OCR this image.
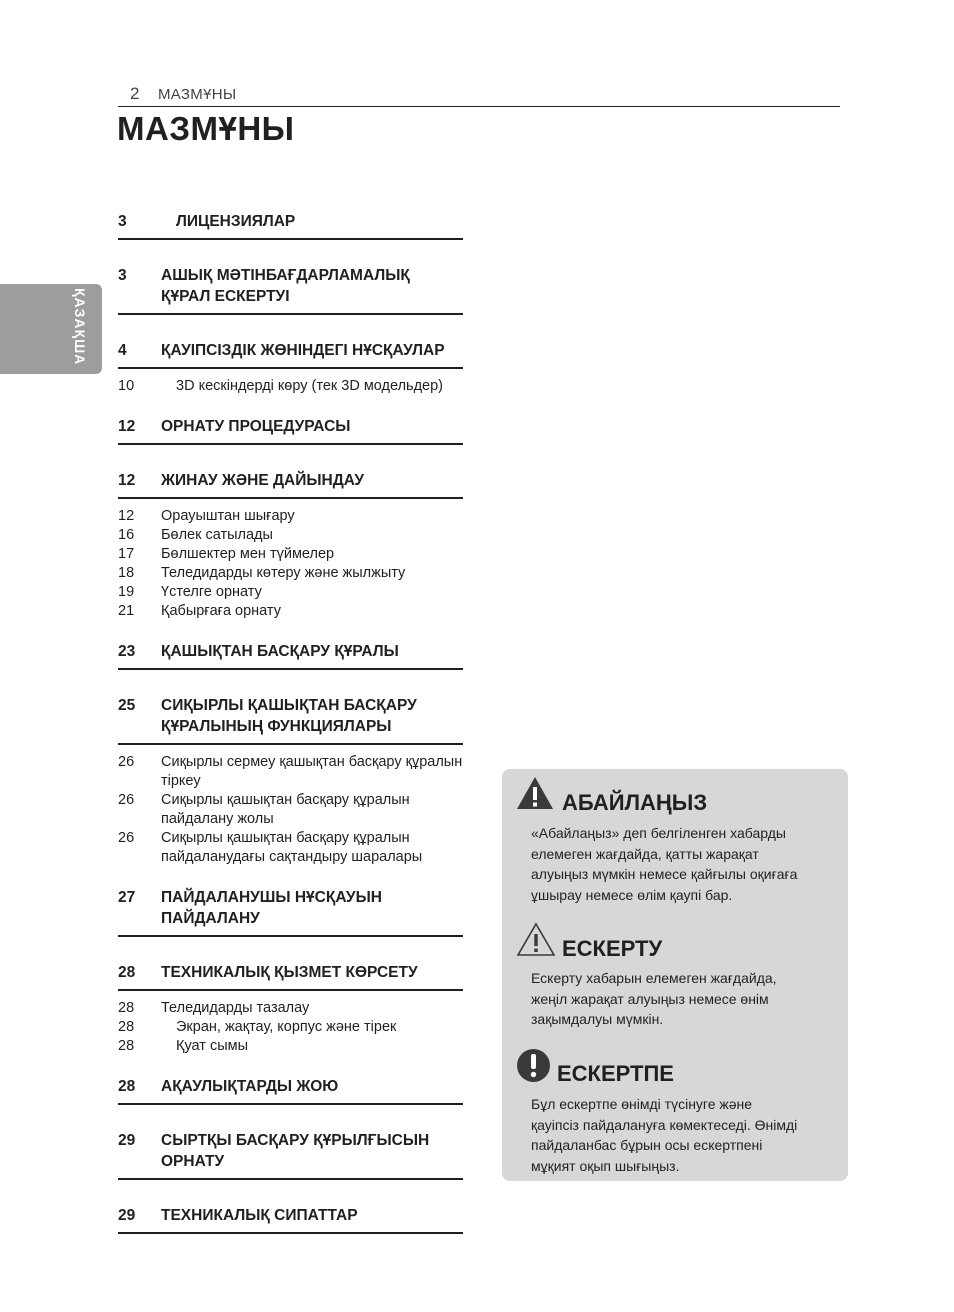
2 МАЗМҰНЫ
МАЗМҰНЫ
ҚАЗАҚША
3	ЛИЦЕНЗИЯЛАР
3 АШЫҚ МӘТІНБАҒДАРЛАМАЛЫҚ ҚҰРАЛ ЕСКЕРТУІ
4 ҚАУІПСІЗДІК ЖӨНІНДЕГІ НҰСҚАУЛАР
10	3D кескіндерді көру (тек 3D модельдер)
12 ОРНАТУ ПРОЦЕДУРАСЫ
12 ЖИНАУ ЖӘНЕ ДАЙЫНДАУ
12 Орауыштан шығару
16 Бөлек сатылады
17 Бөлшектер мен түймелер
18 Теледидарды көтеру және жылжыту
19 Үстелге орнату
21 Қабырғаға орнату
23 ҚАШЫҚТАН БАСҚАРУ ҚҰРАЛЫ
25 СИҚЫРЛЫ ҚАШЫҚТАН БАСҚАРУ ҚҰРАЛЫНЫҢ ФУНКЦИЯЛАРЫ
26 Сиқырлы сермеу қашықтан басқару құралын тіркеу
26 Сиқырлы қашықтан басқару құралын пайдалану жолы
26 Сиқырлы қашықтан басқару құралын пайдаланудағы сақтандыру шаралары
27 ПАЙДАЛАНУШЫ НҰСҚАУЫН ПАЙДАЛАНУ
28 ТЕХНИКАЛЫҚ ҚЫЗМЕТ КӨРСЕТУ
28 Теледидарды тазалау
28	Экран, жақтау, корпус және тірек
28	Қуат сымы
28 АҚАУЛЫҚТАРДЫ ЖОЮ
29 СЫРТҚЫ БАСҚАРУ ҚҰРЫЛҒЫСЫН ОРНАТУ
29 ТЕХНИКАЛЫҚ СИПАТТАР
АБАЙЛАҢЫЗ
«Абайлаңыз» деп белгіленген хабарды
елемеген жағдайда, қатты жарақат
алуыңыз мүмкін немесе қайғылы оқиғаға
ұшырау немесе өлім қаупі бар.
ЕСКЕРТУ
Ескерту хабарын елемеген жағдайда,
жеңіл жарақат алуыңыз немесе өнім
зақымдалуы мүмкін.
ЕСКЕРТПЕ
Бұл ескертпе өнімді түсінуге және
қауіпсіз пайдалануға көмектеседі. Өнімді
пайдаланбас бұрын осы ескертпені
мұқият оқып шығыңыз.
